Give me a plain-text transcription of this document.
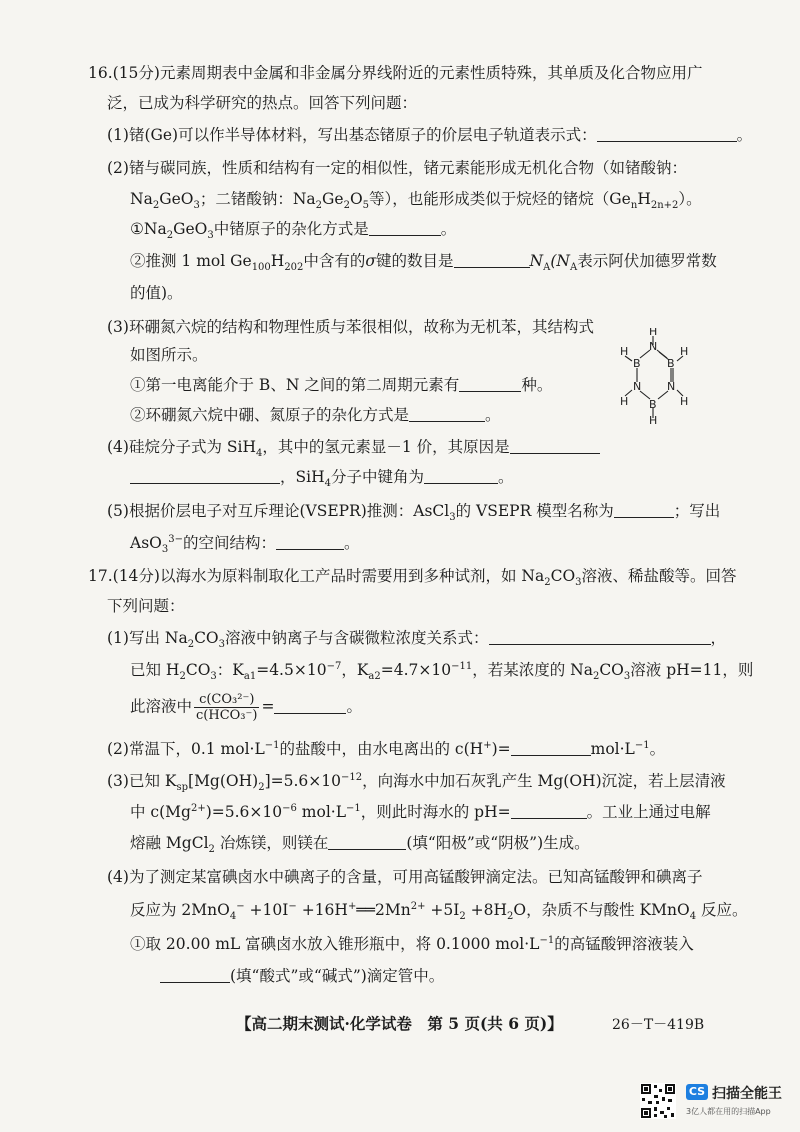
16.(15分)元素周期表中金属和非金属分界线附近的元素性质特殊，其单质及化合物应用广
泛，已成为科学研究的热点。回答下列问题：
(1)锗(Ge)可以作半导体材料，写出基态锗原子的价层电子轨道表示式：	。
(2)锗与碳同族，性质和结构有一定的相似性，锗元素能形成无机化合物（如锗酸钠：
$Na_2GeO_3$；二锗酸钠：$Na_2Ge_2O_5$等），也能形成类似于烷烃的锗烷$(Ge_nH_{2n+2})$。
$①Na_2GeO_3$中锗原子的杂化方式是	。
②推测 1 mol $Ge_{100}H_{202}$中含有的σ键的数目是	$N_A(N_A$表示阿伏加德罗常数
的值)。
(3)环硼氮六烷的结构和物理性质与苯很相似，故称为无机苯，其结构式
如图所示。
①第一电离能介于 B、N 之间的第二周期元素有	种。
②环硼氮六烷中硼、氮原子的杂化方式是	。
H
N
H
B B
H
H
N N
H
B
H
(4)硅烷分子式为 SiH$_4$，其中的氢元素显－1 价，其原因是
，SiH$_4$分子中键角为	。
(5)根据价层电子对互斥理论(VSEPR)推测：AsCl$_3$的 VSEPR 模型名称为	；写出
AsO$_3^{3-}$的空间结构：	。
17.(14分)以海水为原料制取化工产品时需要用到多种试剂，如 $Na_2CO_3$溶液、稀盐酸等。回答
下列问题：
(1)写出 $Na_2CO_3$溶液中钠离子与含碳微粒浓度关系式：	，
已知 $H_2CO_3$：$K_{a1}=4.5\times 10^{-7}$，$K_{a2}=4.7\times 10^{-11}$，若某浓度的 $Na_2CO_3$溶液 pH=11，则
此溶液中 $\frac{\text{c(CO₃²⁻)}}{\text{c(HCO₃⁻)}}$ =	。
(2)常温下，0.1 $mol\cdot L^{-1}$的盐酸中，由水电离出的 c(H+)=	$mol\cdot L^{-1}$。
(3)已知 $K_{sp}[Mg(OH)_2]=5.6\times 10^{-12}$，向海水中加石灰乳产生 Mg(OH)沉淀，若上层清液
中 $c(Mg^{2+})=5.6\times 10^{-6}$ $mol\cdot L^{-1}$，则此时海水的 pH=	。工业上通过电解
熔融 MgCl$_2$ 冶炼镁，则镁在	(填“阳极”或“阴极”)生成。
(4)为了测定某富碘卤水中碘离子的含量，可用高锰酸钾滴定法。已知高锰酸钾和碘离子
反应为 $2MnO_4^- +10I^- +16H^+══2Mn^{2+} +5I_2 +8H_2O$，杂质不与酸性 KMnO$_4$ 反应。
①取 20.00 mL 富碘卤水放入锥形瓶中，将 0.1000 $mol\cdot L^{-1}$的高锰酸钾溶液装入
(填“酸式”或“碱式”)滴定管中。
【高二期末测试·化学试卷　第 5 页(共 6 页)】	26－T－419B
CS 扫描全能王
3亿人都在用的扫描App
